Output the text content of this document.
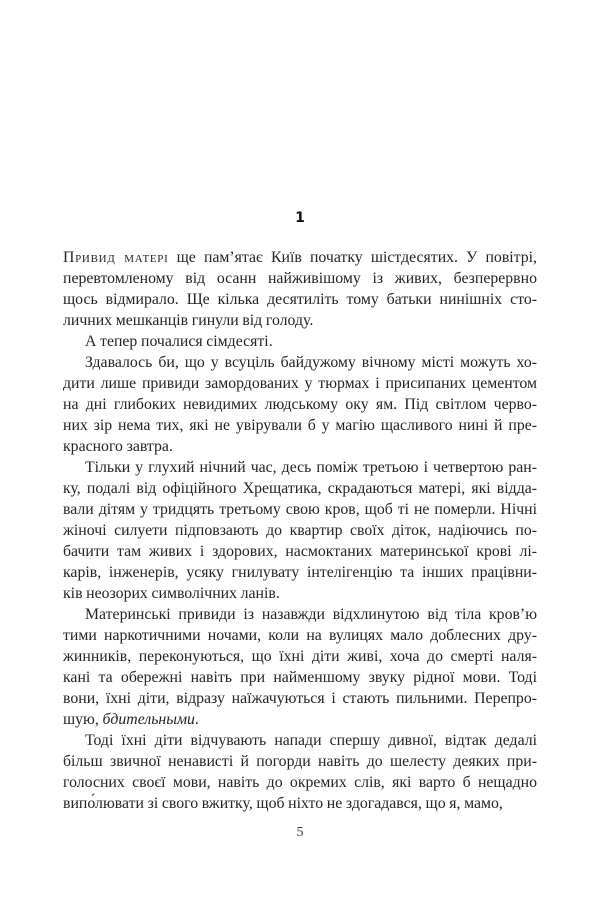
1
Привид матері ще пам’ятає Київ початку шістдесятих. У повітрі,
перевтомленому від осанн найживішому із живих, безперервно
щось відмирало. Ще кілька десятиліть тому батьки нинішніх сто-
личних мешканців гинули від голоду.
А тепер почалися сімдесяті.
Здавалось би, що у всуціль байдужому вічному місті можуть хо-
дити лише привиди замордованих у тюрмах і присипаних цементом
на дні глибоких невидимих людському оку ям. Під світлом черво-
них зір нема тих, які не увірували б у магію щасливого нині й пре-
красного завтра.
Тільки у глухий нічний час, десь поміж третьою і четвертою ран-
ку, подалі від офіційного Хрещатика, скрадаються матері, які відда-
вали дітям у тридцять третьому свою кров, щоб ті не померли. Нічні
жіночі силуети підповзають до квартир своїх діток, надіючись по-
бачити там живих і здорових, насмоктаних материнської крові лі-
карів, інженерів, усяку гнилувату інтелігенцію та інших працівни-
ків неозорих символічних ланів.
Материнські привиди із назавжди відхлинутою від тіла кров’ю
тими наркотичними ночами, коли на вулицях мало доблесних дру-
жинників, переконуються, що їхні діти живі, хоча до смерті наля-
кані та обережні навіть при найменшому звуку рідної мови. Тоді
вони, їхні діти, відразу наїжачуються і стають пильними. Перепро-
шую, бдительными.
Тоді їхні діти відчувають напади спершу дивної, відтак дедалі
більш звичної ненависті й погорди навіть до шелесту деяких при-
голосних своєї мови, навіть до окремих слів, які варто б нещадно
випо́лювати зі свого вжитку, щоб ніхто не здогадався, що я, мамо,
5
